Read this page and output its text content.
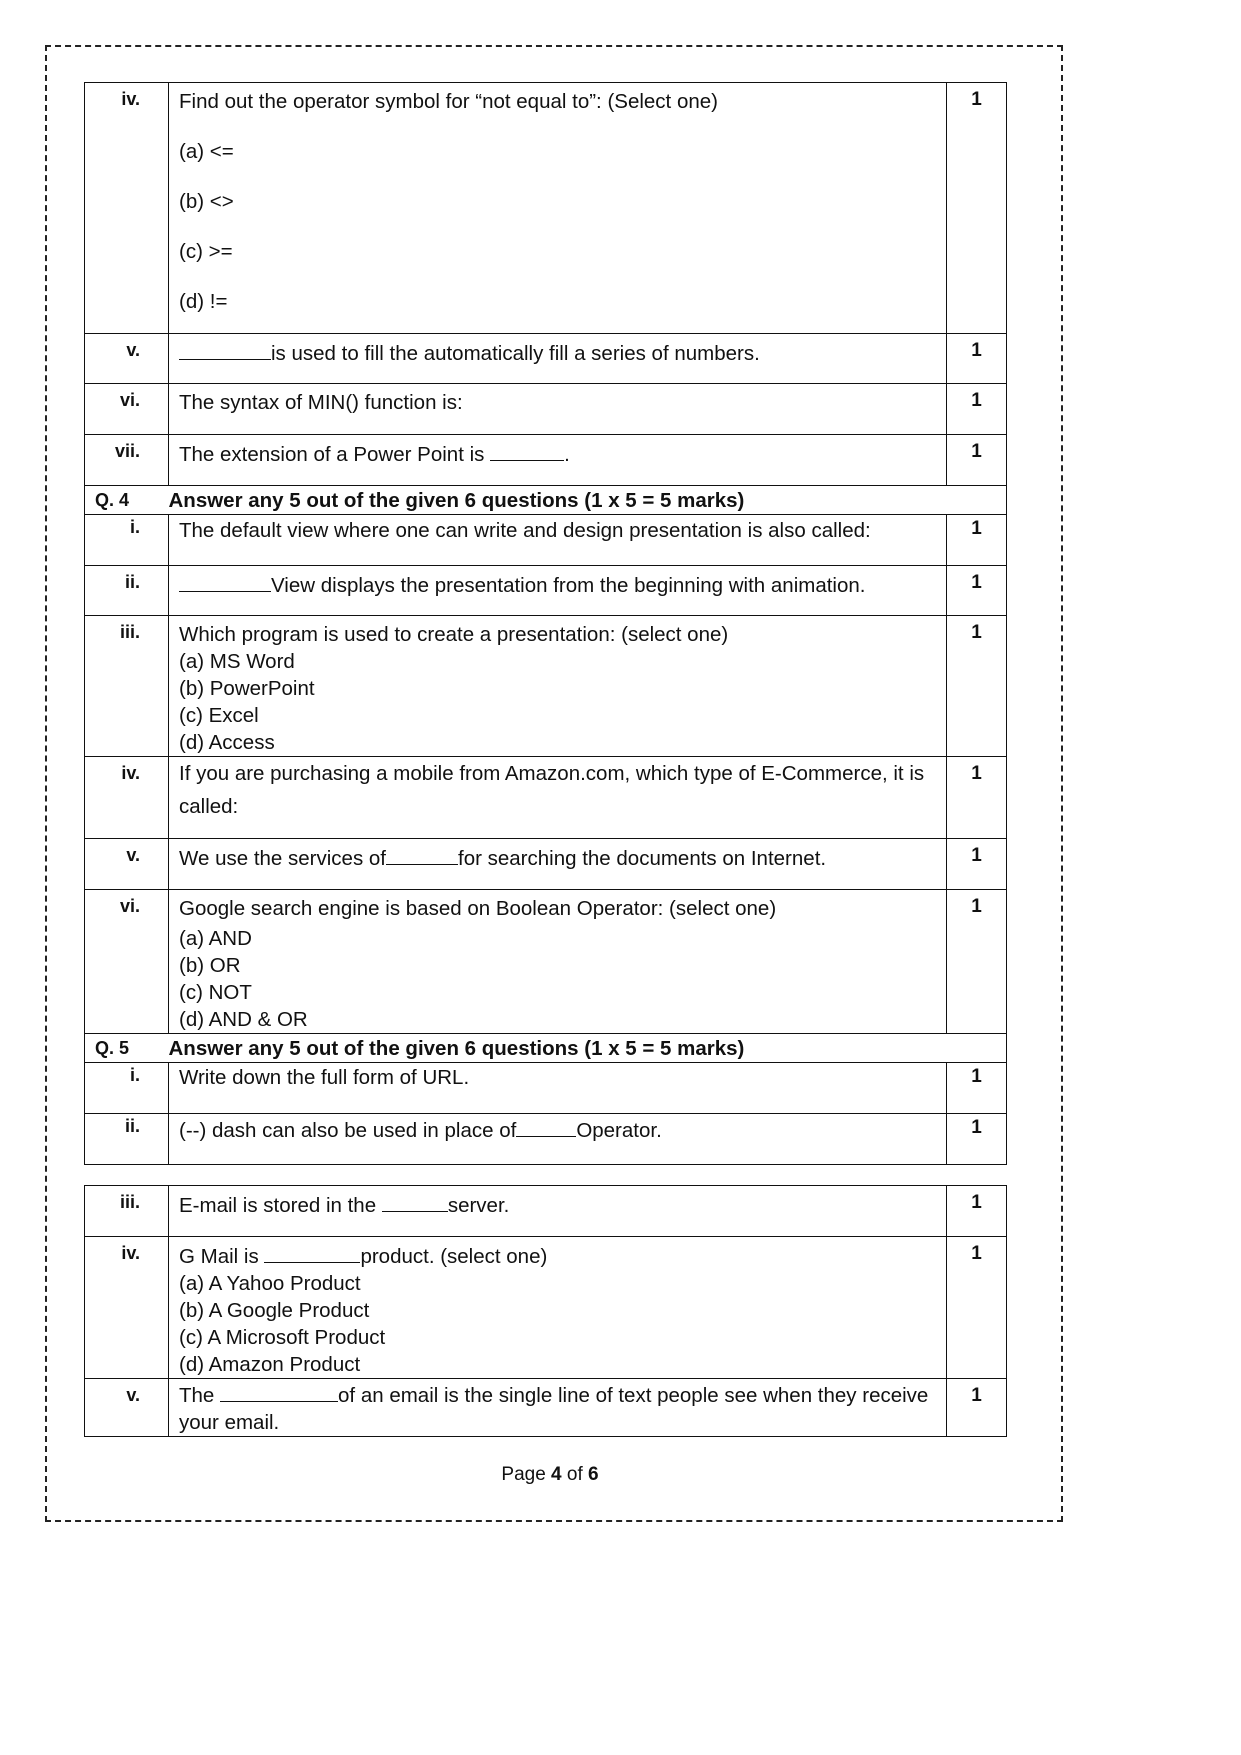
iv.	Find out the operator symbol for “not equal to”: (Select one)
(a) <=
(b) <>
(c) >=
(d) !=	1
v.	is used to fill the automatically fill a series of numbers.	1
vi.	The syntax of MIN() function is:	1
vii.	The extension of a Power Point is .	1
Q. 4	Answer any 5 out of the given 6 questions (1 x 5 = 5 marks)	
i.	The default view where one can write and design presentation is also called:	1
ii.	View displays the presentation from the beginning with animation.	1
iii.	Which program is used to create a presentation: (select one)
(a) MS Word
(b) PowerPoint
(c) Excel
(d) Access	1
iv.	If you are purchasing a mobile from Amazon.com, which type of E-Commerce, it is called:	1
v.	We use the services of for searching the documents on Internet.	1
vi.	Google search engine is based on Boolean Operator: (select one)
(a) AND
(b) OR
(c) NOT
(d) AND & OR	1
Q. 5	Answer any 5 out of the given 6 questions (1 x 5 = 5 marks)	
i.	Write down the full form of URL.	1
ii.	(--) dash can also be used in place of Operator.	1
iii.	E-mail is stored in the server.	1
iv.	G Mail is product. (select one)
(a) A Yahoo Product
(b) A Google Product
(c) A Microsoft Product
(d) Amazon Product	1
v.	The of an email is the single line of text people see when they receive your email.	1
Page 4 of 6
